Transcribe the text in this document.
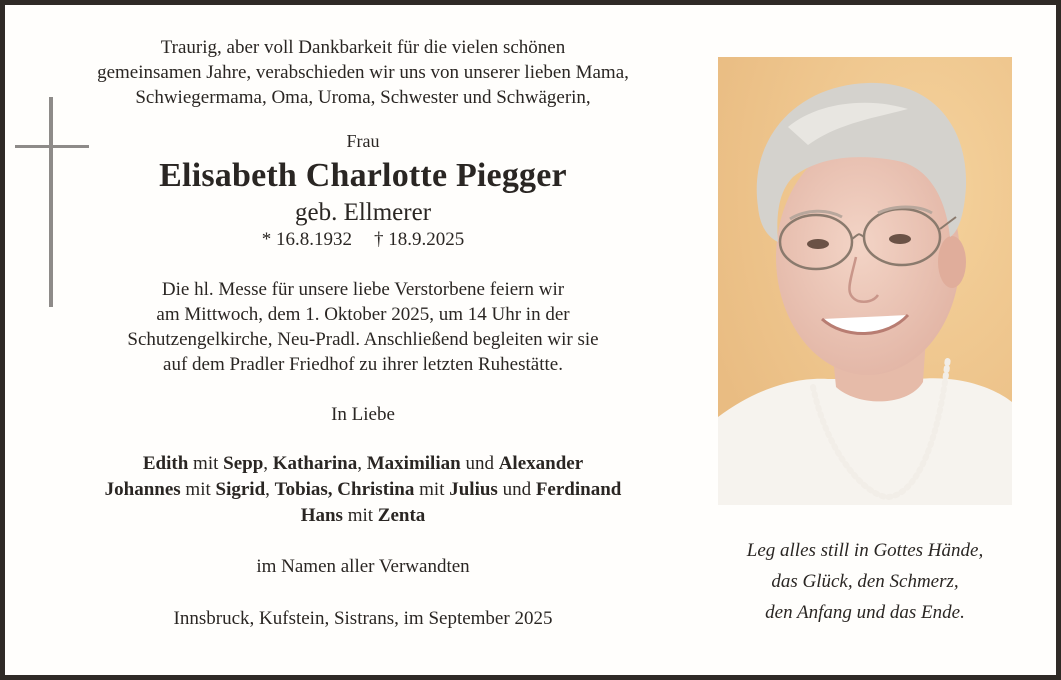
Traurig, aber voll Dankbarkeit für die vielen schönen

gemeinsamen Jahre, verabschieden wir uns von unserer lieben Mama,

Schwiegermama, Oma, Uroma, Schwester und Schwägerin,

Frau
Elisabeth Charlotte Piegger
geb. Ellmerer
* 16.8.1932 † 18.9.2025

Die hl. Messe für unsere liebe Verstorbene feiern wir

am Mittwoch, dem 1. Oktober 2025, um 14 Uhr in der

Schutzengelkirche, Neu-Pradl. Anschließend begleiten wir sie

auf dem Pradler Friedhof zu ihrer letzten Ruhestätte.

In Liebe
Edith mit Sepp, Katharina, Maximilian und Alexander
Johannes mit Sigrid, Tobias, Christina mit Julius und Ferdinand
Hans mit Zenta
im Namen aller Verwandten
Innsbruck, Kufstein, Sistrans, im September 2025
Leg alles still in Gottes Hände,
das Glück, den Schmerz,
den Anfang und das Ende.
